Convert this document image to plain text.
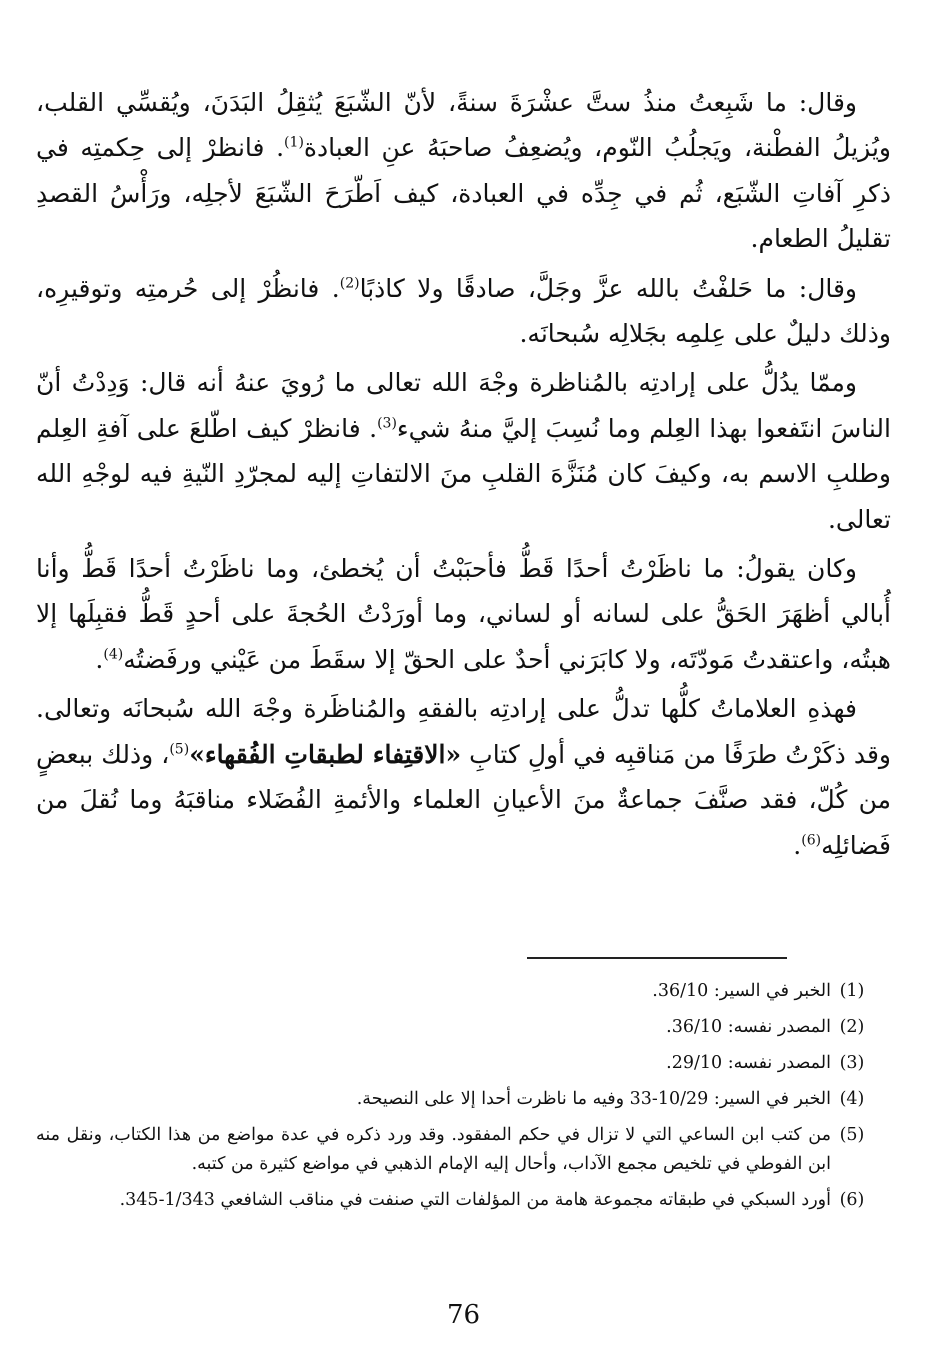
وقال: ما شَبِعتُ منذُ ستَّ عشْرَةَ سنةً، لأنّ الشّبَعَ يُثقِلُ البَدَنَ، ويُقسِّي القلب، ويُزيلُ الفطْنة، ويَجلُبُ النّوم، ويُضعِفُ صاحبَهُ عنِ العبادة$^{(1)}$. فانظرْ إلى حِكمتِه في ذكرِ آفاتِ الشّبَع، ثُم في جِدِّه في العبادة، كيف اَطّرَحَ الشّبَعَ لأجلِه، ورَأْسُ القصدِ تقليلُ الطعام.

وقال: ما حَلفْتُ بالله عزَّ وجَلَّ، صادقًا ولا كاذبًا$^{(2)}$. فانظُرْ إلى حُرمتِه وتوقيرِه، وذلك دليلٌ على عِلمِه بجَلالِه سُبحانَه.

وممّا يدُلُّ على إرادتِه بالمُناظرة وجْهَ الله تعالى ما رُويَ عنهُ أنه قال: وَدِدْتُ أنّ الناسَ انتَفعوا بهذا العِلم وما نُسِبَ إليَّ منهُ شيء$^{(3)}$. فانظرْ كيف اطّلعَ على آفةِ العِلم وطلبِ الاسم به، وكيفَ كان مُنَزَّهَ القلبِ منَ الالتفاتِ إليه لمجرّدِ النّيةِ فيه لوجْهِ الله تعالى.

وكان يقولُ: ما ناظَرْتُ أحدًا قَطُّ فأحبَبْتُ أن يُخطئ، وما ناظَرْتُ أحدًا قَطُّ وأنا أُبالي أظهَرَ الحَقُّ على لسانه أو لساني، وما أورَدْتُ الحُجةَ على أحدٍ قَطُّ فقبِلَها إلا هبتُه، واعتقدتُ مَودّتَه، ولا كابَرَني أحدٌ على الحقّ إلا سقَطَ من عَيْني ورفَضتُه$^{(4)}$.

فهذهِ العلاماتُ كلُّها تدلُّ على إرادتِه بالفقهِ والمُناظَرة وجْهَ الله سُبحانَه وتعالى. وقد ذكَرْتُ طرَفًا من مَناقبِه في أولِ كتابِ «الاقتِفاء لطبقاتِ الفُقهاء»$^{(5)}$، وذلك ببعضٍ من كُلّ، فقد صنَّفَ جماعةٌ منَ الأعيانِ العلماء والأئمةِ الفُضَلاء مناقبَهُ وما نُقلَ من فَضائلِه$^{(6)}$.

(1)
الخبر في السير: 36/10.
(2)
المصدر نفسه: 36/10.
(3)
المصدر نفسه: 29/10.
(4)
الخبر في السير: 10/29-33 وفيه ما ناظرت أحدا إلا على النصيحة.
(5)
من كتب ابن الساعي التي لا تزال في حكم المفقود. وقد ورد ذكره في عدة مواضع من هذا الكتاب، ونقل منه ابن الفوطي في تلخيص مجمع الآداب، وأحال إليه الإمام الذهبي في مواضع كثيرة من كتبه.
(6)
أورد السبكي في طبقاته مجموعة هامة من المؤلفات التي صنفت في مناقب الشافعي 1/343-345.
76
